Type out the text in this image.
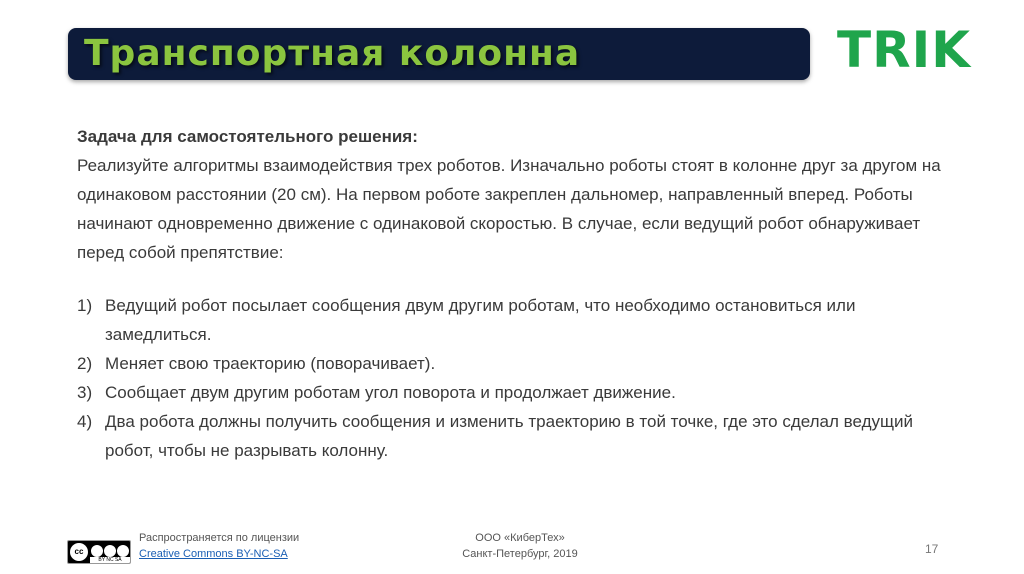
Транспортная колонна	TRIK
Задача для самостоятельного решения:
Реализуйте алгоритмы взаимодействия трех роботов. Изначально роботы стоят в колонне друг за другом на одинаковом расстоянии (20 см). На первом роботе закреплен дальномер, направленный вперед. Роботы начинают одновременно движение с одинаковой скоростью. В случае, если ведущий робот обнаруживает перед собой препятствие:
1) Ведущий робот посылает сообщения двум другим роботам, что необходимо остановиться или замедлиться.
2) Меняет свою траекторию (поворачивает).
3) Сообщает двум другим роботам угол поворота и продолжает движение.
4) Два робота должны получить сообщения и изменить траекторию в той точке, где это сделал ведущий робот, чтобы не разрывать колонну.
cc
BY NC SA
Распространяется по лицензии
Creative Commons BY-NC-SA
ООО «КиберТех»
Санкт-Петербург, 2019	17
